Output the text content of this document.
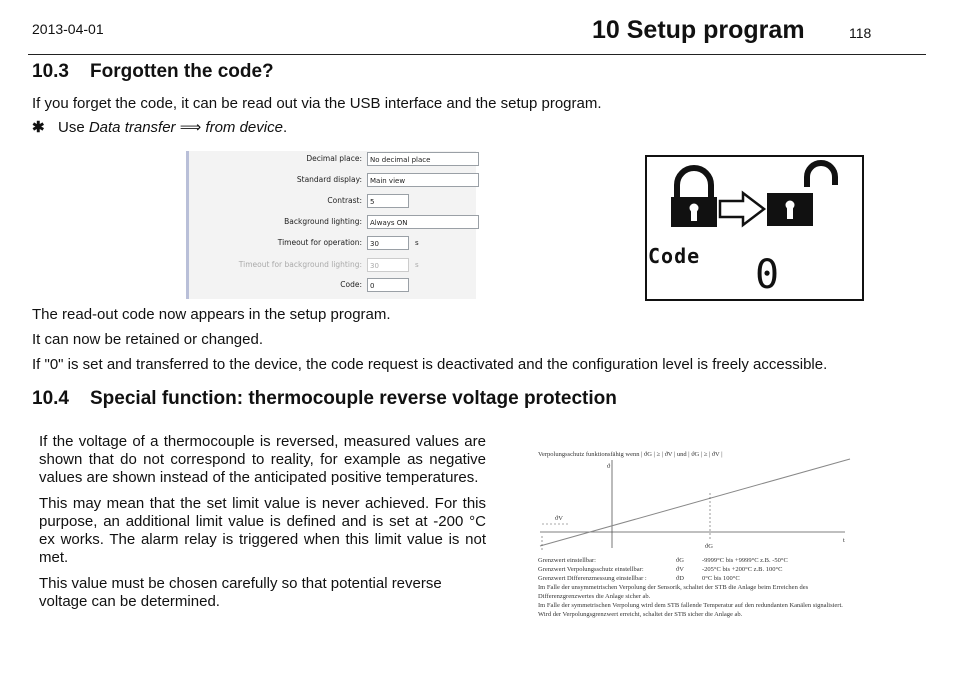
2013-04-01	10 Setup program	118
10.3 Forgotten the code?
If you forget the code, it can be read out via the USB interface and the setup program.
✱ Use Data transfer ⟹ from device.
Decimal place:	No decimal place
Standard display:	Main view
Contrast:	5
Background lighting:	Always ON
Timeout for operation:	30	s
Timeout for background lighting:	30	s
Code:	0
Code 0
The read-out code now appears in the setup program.
It can now be retained or changed.
If "0" is set and transferred to the device, the code request is deactivated and the configuration level is freely accessible.
10.4 Special function: thermocouple reverse voltage protection

If the voltage of a thermocouple is reversed, measured values are shown that do not correspond to reality, for example as negative values are shown instead of the anticipated positive temperatures.

This may mean that the set limit value is never achieved. For this purpose, an additional limit value is defined and is set at -200 °C ex works. The alarm relay is triggered when this limit value is not met.

This value must be chosen carefully so that potential reverse voltage can be determined.

Verpolungsschutz funktionsfähig wenn | ϑG | ≥ | ϑV | und | ϑG | ≥ | ϑV |
ϑ
t
ϑV
ϑG
Grenzwert einstellbar:	ϑG	-9999°C bis +9999°C z.B. -50°C
Grenzwert Verpolungsschutz einstellbar:	ϑV	-205°C bis +200°C z.B. 100°C
Grenzwert Differenzmessung einstellbar :	ϑD	0°C bis 100°C
Im Falle der unsymmetrischen Verpolung der Sensorik, schaltet der STB die Anlage beim Erreichen des
Differenzgrenzwertes die Anlage sicher ab.
Im Falle der symmetrischen Verpolung wird dem STB fallende Temperatur auf den redundanten Kanälen signalisiert.
Wird der Verpolungsgrenzwert erreicht, schaltet der STB sicher die Anlage ab.
